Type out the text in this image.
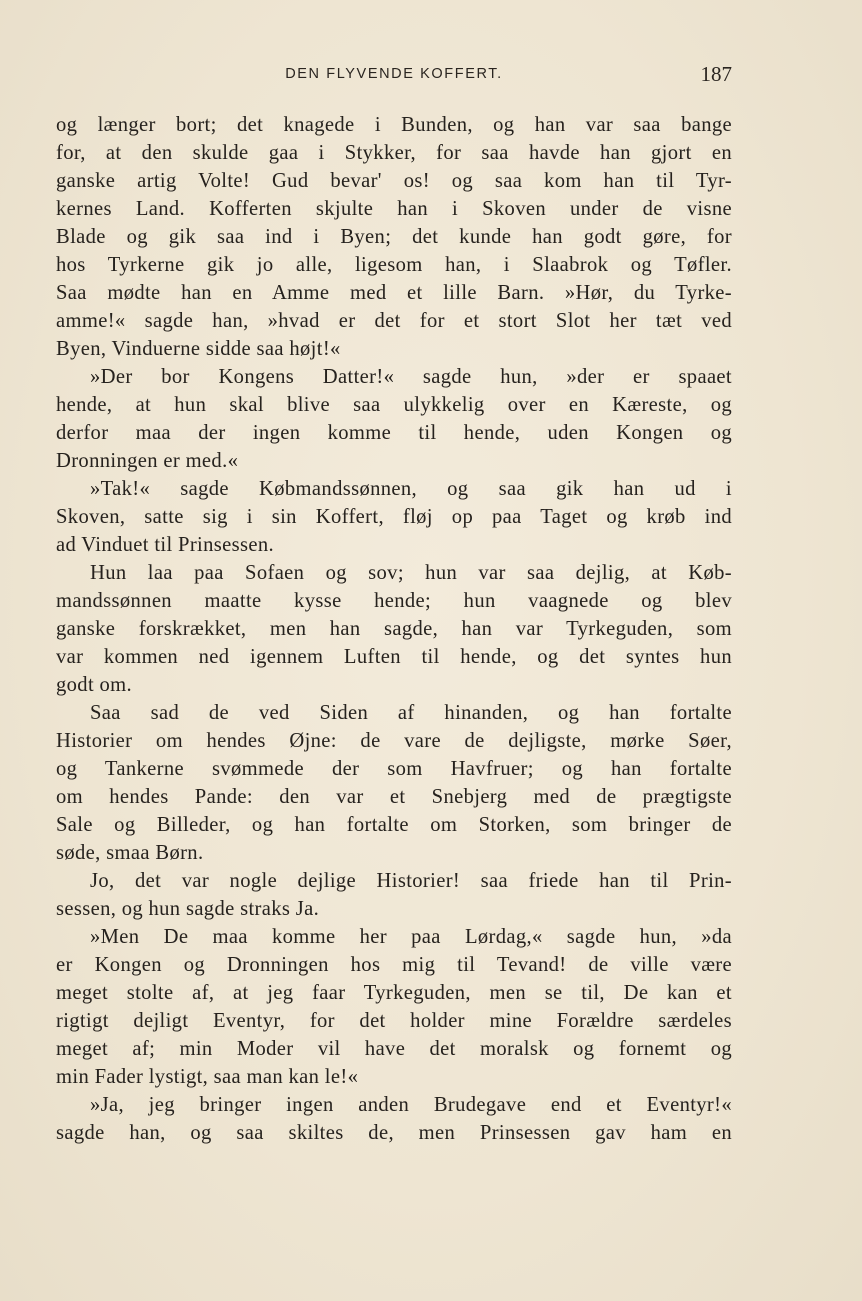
DEN FLYVENDE KOFFERT.	187
og længer bort; det knagede i Bunden, og han var saa bange
for, at den skulde gaa i Stykker, for saa havde han gjort en
ganske artig Volte! Gud bevar' os! og saa kom han til Tyr-
kernes Land. Kofferten skjulte han i Skoven under de visne
Blade og gik saa ind i Byen; det kunde han godt gøre, for
hos Tyrkerne gik jo alle, ligesom han, i Slaabrok og Tøfler.
Saa mødte han en Amme med et lille Barn. »Hør, du Tyrke-
amme!« sagde han, »hvad er det for et stort Slot her tæt ved
Byen, Vinduerne sidde saa højt!«
»Der bor Kongens Datter!« sagde hun, »der er spaaet
hende, at hun skal blive saa ulykkelig over en Kæreste, og
derfor maa der ingen komme til hende, uden Kongen og
Dronningen er med.«
»Tak!« sagde Købmandssønnen, og saa gik han ud i
Skoven, satte sig i sin Koffert, fløj op paa Taget og krøb ind
ad Vinduet til Prinsessen.
Hun laa paa Sofaen og sov; hun var saa dejlig, at Køb-
mandssønnen maatte kysse hende; hun vaagnede og blev
ganske forskrækket, men han sagde, han var Tyrkeguden, som
var kommen ned igennem Luften til hende, og det syntes hun
godt om.
Saa sad de ved Siden af hinanden, og han fortalte
Historier om hendes Øjne: de vare de dejligste, mørke Søer,
og Tankerne svømmede der som Havfruer; og han fortalte
om hendes Pande: den var et Snebjerg med de prægtigste
Sale og Billeder, og han fortalte om Storken, som bringer de
søde, smaa Børn.
Jo, det var nogle dejlige Historier! saa friede han til Prin-
sessen, og hun sagde straks Ja.
»Men De maa komme her paa Lørdag,« sagde hun, »da
er Kongen og Dronningen hos mig til Tevand! de ville være
meget stolte af, at jeg faar Tyrkeguden, men se til, De kan et
rigtigt dejligt Eventyr, for det holder mine Forældre særdeles
meget af; min Moder vil have det moralsk og fornemt og
min Fader lystigt, saa man kan le!«
»Ja, jeg bringer ingen anden Brudegave end et Eventyr!«
sagde han, og saa skiltes de, men Prinsessen gav ham en
